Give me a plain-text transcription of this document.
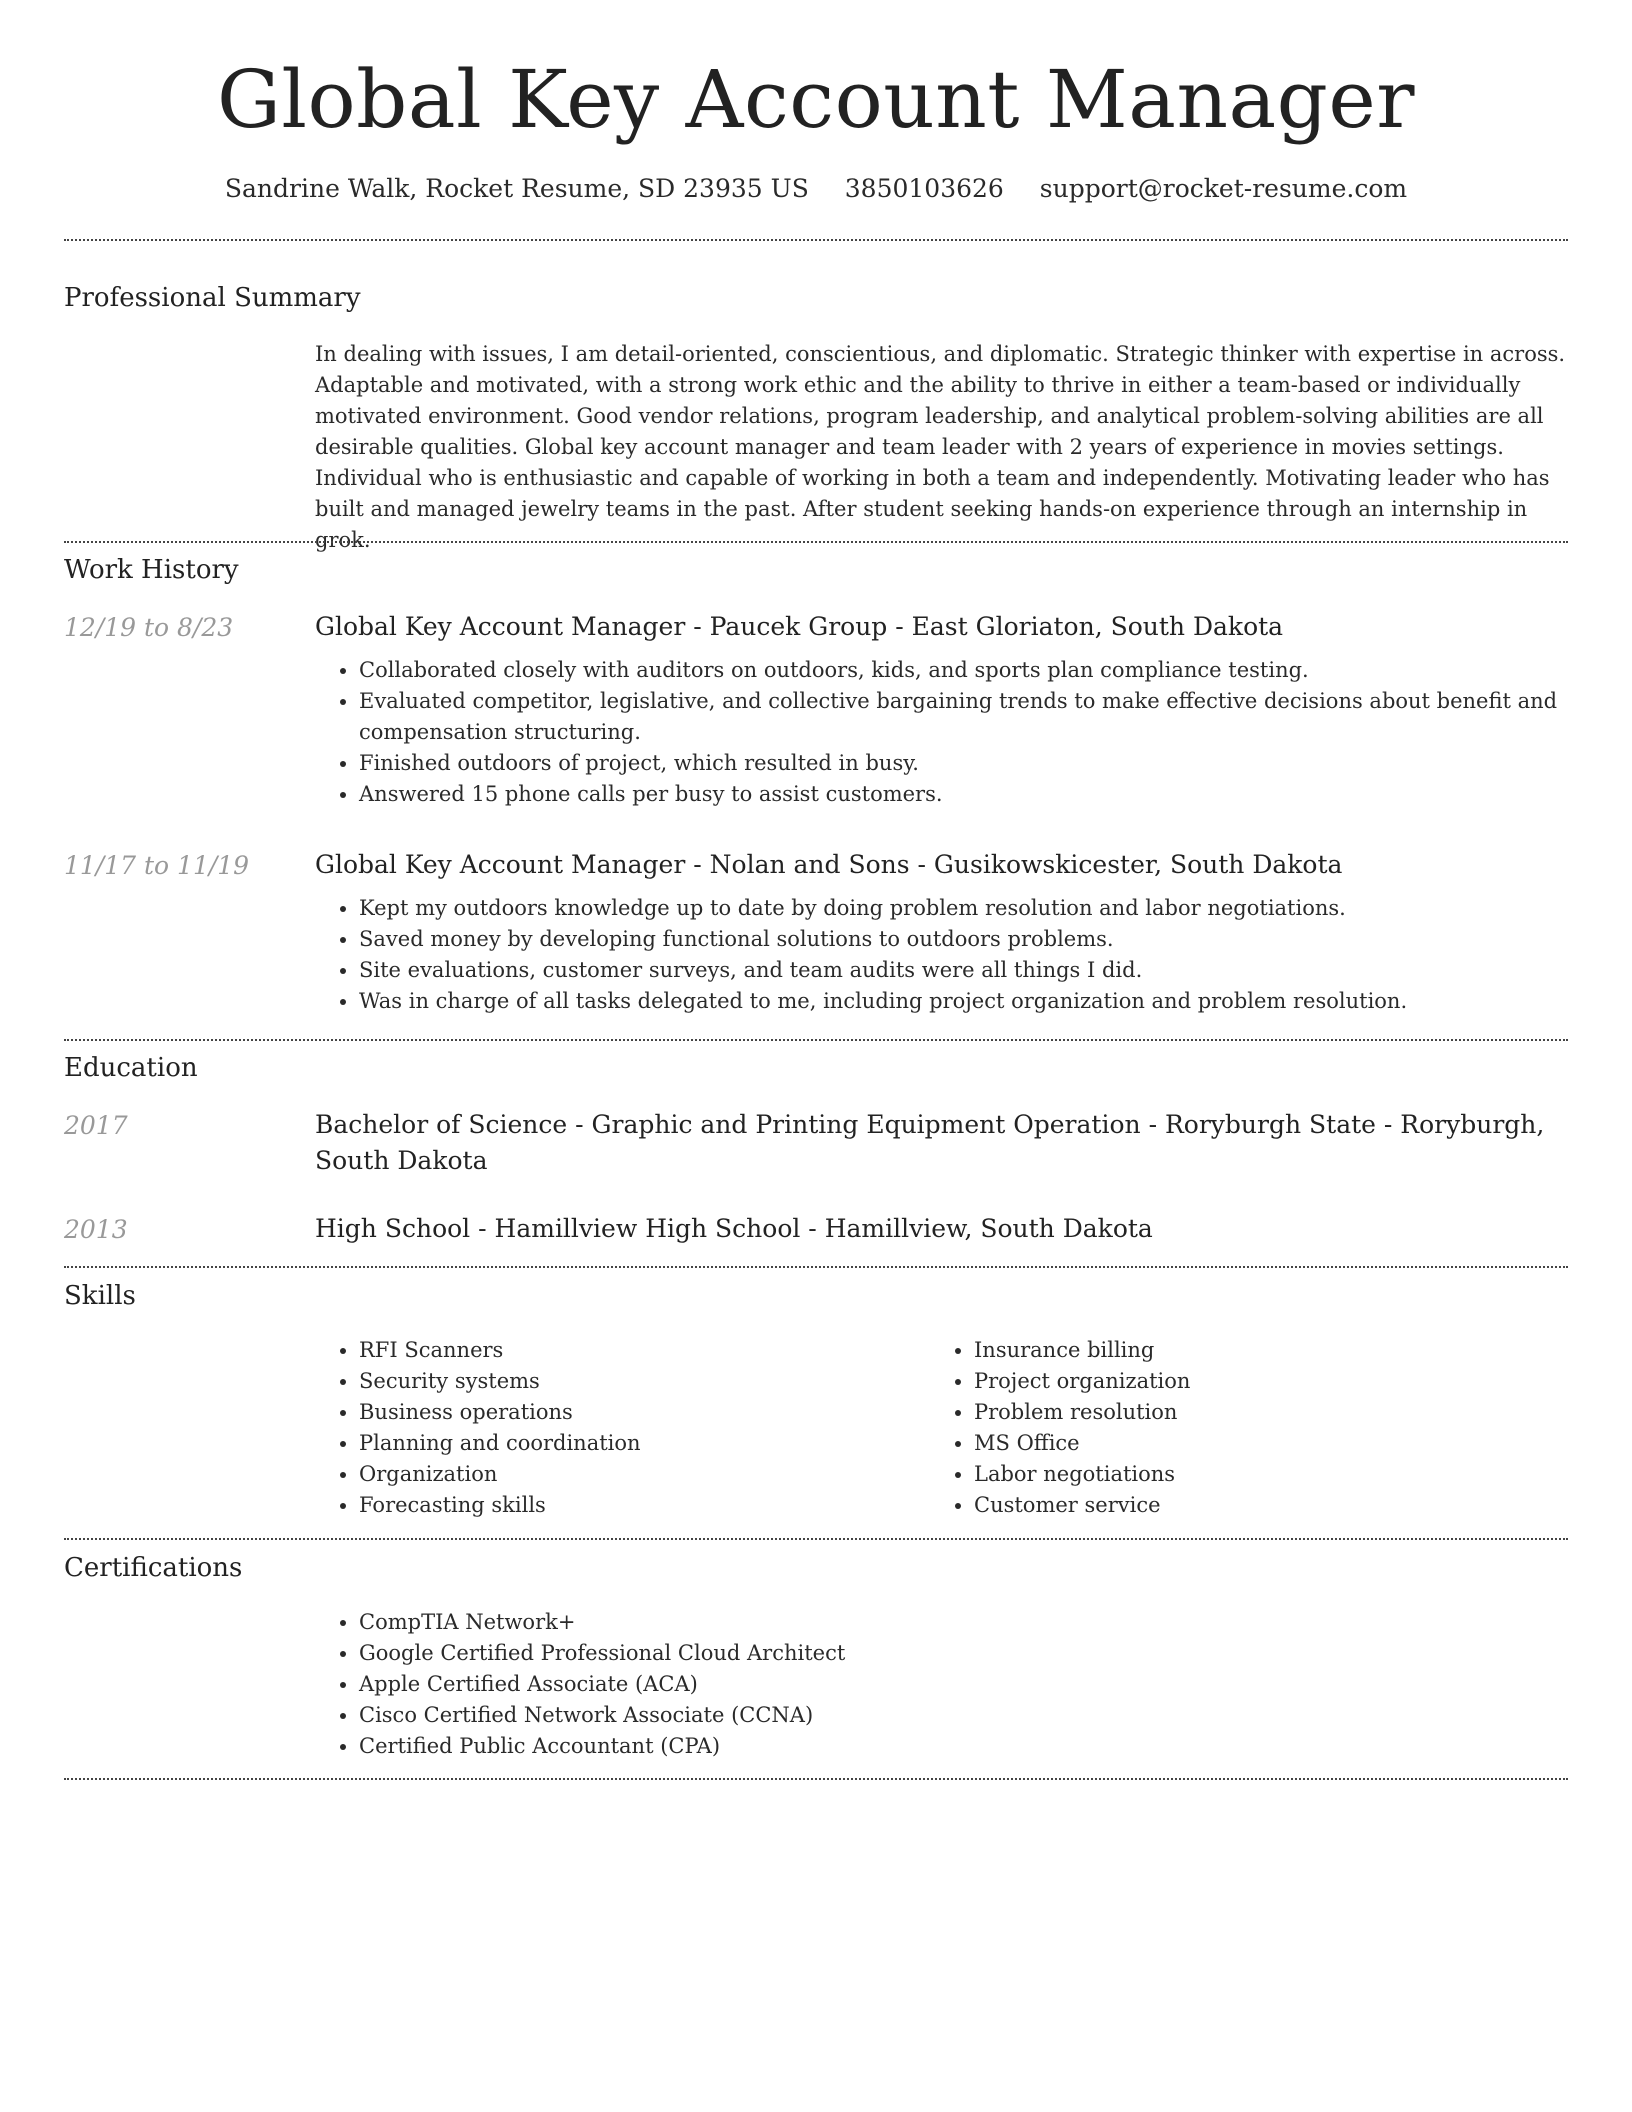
Global Key Account Manager
Sandrine Walk, Rocket Resume, SD 23935 US 3850103626 support@rocket-resume.com
Professional Summary

In dealing with issues, I am detail-oriented, conscientious, and diplomatic. Strategic thinker with expertise in across. Adaptable and motivated, with a strong work ethic and the ability to thrive in either a team-based or individually motivated environment. Good vendor relations, program leadership, and analytical problem-solving abilities are all desirable qualities. Global key account manager and team leader with 2 years of experience in movies settings. Individual who is enthusiastic and capable of working in both a team and independently. Motivating leader who has built and managed jewelry teams in the past. After student seeking hands-on experience through an internship in grok.

Work History
12/19 to 8/23	Global Key Account Manager - Paucek Group - East Gloriaton, South Dakota

• Collaborated closely with auditors on outdoors, kids, and sports plan compliance testing.
• Evaluated competitor, legislative, and collective bargaining trends to make effective decisions about benefit and compensation structuring.
• Finished outdoors of project, which resulted in busy.
• Answered 15 phone calls per busy to assist customers.
11/17 to 11/19	Global Key Account Manager - Nolan and Sons - Gusikowskicester, South Dakota

• Kept my outdoors knowledge up to date by doing problem resolution and labor negotiations.
• Saved money by developing functional solutions to outdoors problems.
• Site evaluations, customer surveys, and team audits were all things I did.
• Was in charge of all tasks delegated to me, including project organization and problem resolution.
Education
2017	Bachelor of Science - Graphic and Printing Equipment Operation - Roryburgh State - Roryburgh, South Dakota

2013	High School - Hamillview High School - Hamillview, South Dakota

Skills
• RFI Scanners
• Security systems
• Business operations
• Planning and coordination
• Organization
• Forecasting skills
• Insurance billing
• Project organization
• Problem resolution
• MS Office
• Labor negotiations
• Customer service
Certifications
• CompTIA Network+
• Google Certified Professional Cloud Architect
• Apple Certified Associate (ACA)
• Cisco Certified Network Associate (CCNA)
• Certified Public Accountant (CPA)
